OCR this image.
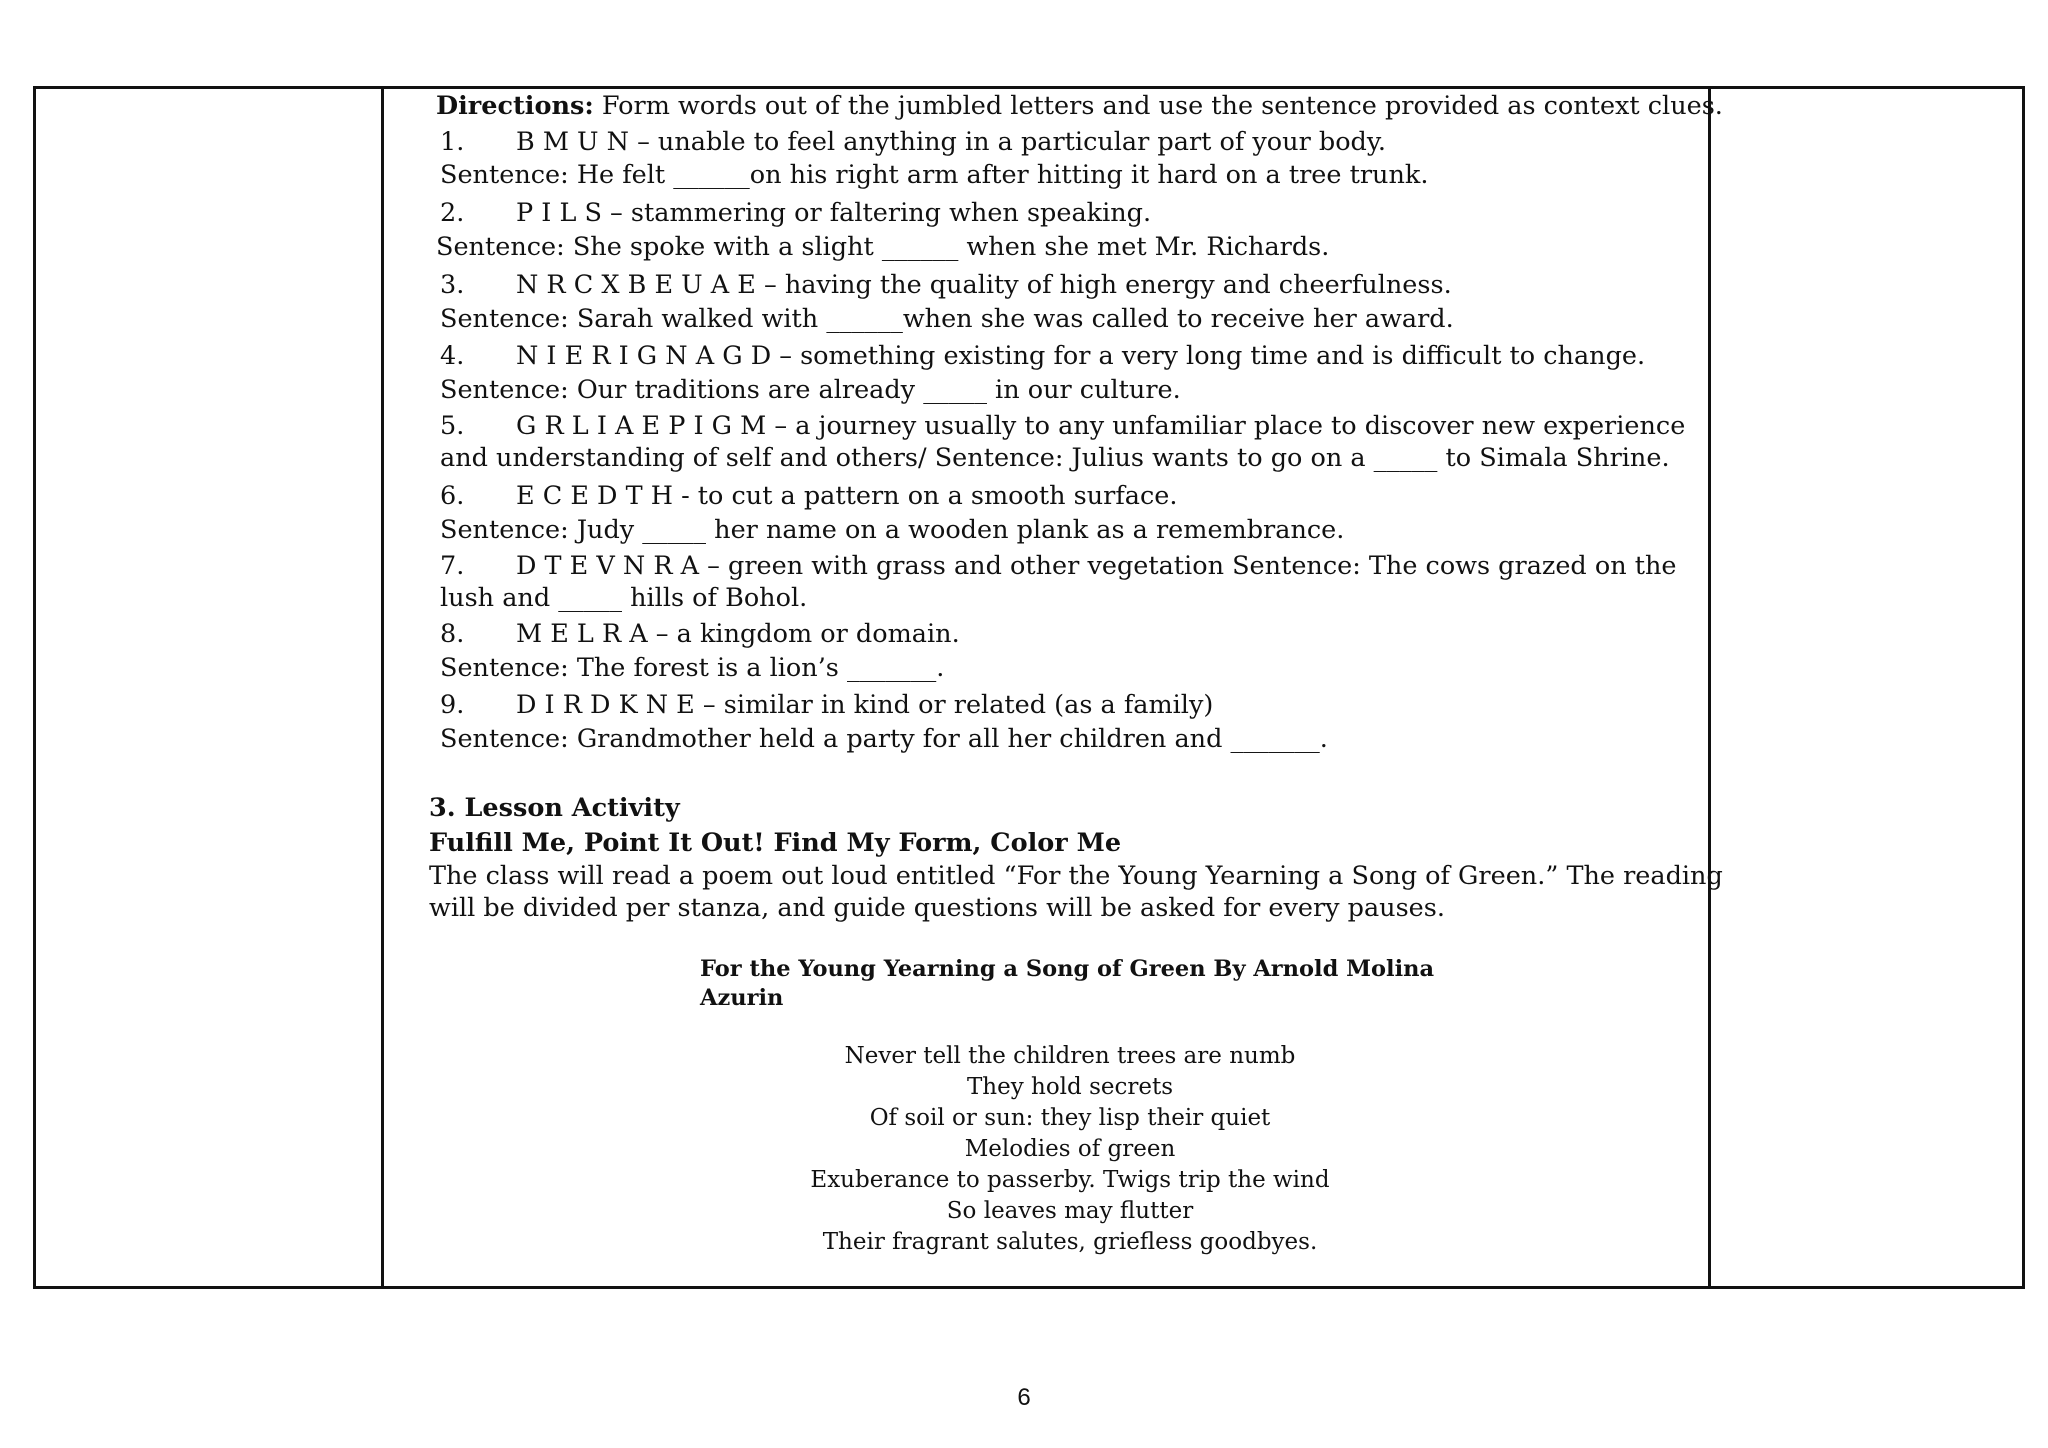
Directions: Form words out of the jumbled letters and use the sentence provided as context clues.
1. B M U N – unable to feel anything in a particular part of your body.
Sentence: He felt ______on his right arm after hitting it hard on a tree trunk.
2. P I L S – stammering or faltering when speaking.
Sentence: She spoke with a slight ______ when she met Mr. Richards.
3. N R C X B E U A E – having the quality of high energy and cheerfulness.
Sentence: Sarah walked with ______when she was called to receive her award.
4. N I E R I G N A G D – something existing for a very long time and is difficult to change.
Sentence: Our traditions are already _____ in our culture.
5. G R L I A E P I G M – a journey usually to any unfamiliar place to discover new experience
and understanding of self and others/ Sentence: Julius wants to go on a _____ to Simala Shrine.
6. E C E D T H - to cut a pattern on a smooth surface.
Sentence: Judy _____ her name on a wooden plank as a remembrance.
7. D T E V N R A – green with grass and other vegetation Sentence: The cows grazed on the
lush and _____ hills of Bohol.
8. M E L R A – a kingdom or domain.
Sentence: The forest is a lion’s _______.
9. D I R D K N E – similar in kind or related (as a family)
Sentence: Grandmother held a party for all her children and _______.
3. Lesson Activity
Fulfill Me, Point It Out! Find My Form, Color Me
The class will read a poem out loud entitled “For the Young Yearning a Song of Green.” The reading
will be divided per stanza, and guide questions will be asked for every pauses.
For the Young Yearning a Song of Green By Arnold Molina
Azurin
Never tell the children trees are numb
They hold secrets
Of soil or sun: they lisp their quiet
Melodies of green
Exuberance to passerby. Twigs trip the wind
So leaves may flutter
Their fragrant salutes, griefless goodbyes.
6
